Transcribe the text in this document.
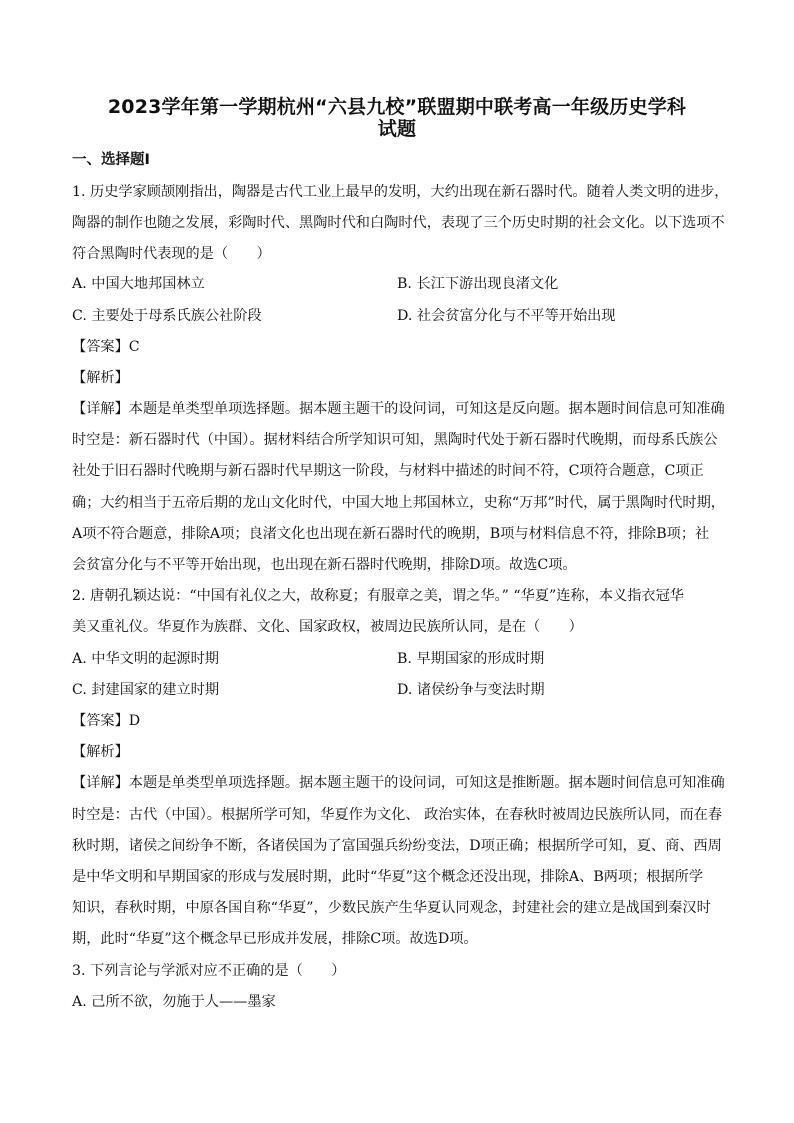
2023学年第一学期杭州“六县九校”联盟期中联考高一年级历史学科
试题
一、选择题Ⅰ
1. 历史学家顾颉刚指出，陶器是古代工业上最早的发明，大约出现在新石器时代。随着人类文明的进步，
陶器的制作也随之发展，彩陶时代、黑陶时代和白陶时代，表现了三个历史时期的社会文化。以下选项不
符合黑陶时代表现的是（　　）
A. 中国大地邦国林立	B. 长江下游出现良渚文化
C. 主要处于母系氏族公社阶段	D. 社会贫富分化与不平等开始出现
【答案】C
【解析】
【详解】本题是单类型单项选择题。据本题主题干的设问词，可知这是反向题。据本题时间信息可知准确
时空是：新石器时代（中国）。据材料结合所学知识可知，黑陶时代处于新石器时代晚期，而母系氏族公
社处于旧石器时代晚期与新石器时代早期这一阶段，与材料中描述的时间不符，C项符合题意，C项正
确；大约相当于五帝后期的龙山文化时代，中国大地上邦国林立，史称“万邦”时代，属于黑陶时代时期，
A项不符合题意，排除A项；良渚文化也出现在新石器时代的晚期，B项与材料信息不符，排除B项；社
会贫富分化与不平等开始出现，也出现在新石器时代晚期，排除D项。故选C项。
2. 唐朝孔颖达说：“中国有礼仪之大，故称夏；有服章之美，谓之华。” “华夏”连称，本义指衣冠华
美又重礼仪。华夏作为族群、文化、国家政权，被周边民族所认同，是在（　　）
A. 中华文明的起源时期	B. 早期国家的形成时期
C. 封建国家的建立时期	D. 诸侯纷争与变法时期
【答案】D
【解析】
【详解】本题是单类型单项选择题。据本题主题干的设问词，可知这是推断题。据本题时间信息可知准确
时空是：古代（中国）。根据所学可知，华夏作为文化、 政治实体，在春秋时被周边民族所认同，而在春
秋时期，诸侯之间纷争不断，各诸侯国为了富国强兵纷纷变法，D项正确；根据所学可知，夏、商、西周
是中华文明和早期国家的形成与发展时期，此时“华夏”这个概念还没出现，排除A、B两项；根据所学
知识，春秋时期，中原各国自称“华夏”，少数民族产生华夏认同观念，封建社会的建立是战国到秦汉时
期，此时“华夏”这个概念早已形成并发展，排除C项。故选D项。
3. 下列言论与学派对应不正确的是（　　）
A. 己所不欲，勿施于人——墨家
